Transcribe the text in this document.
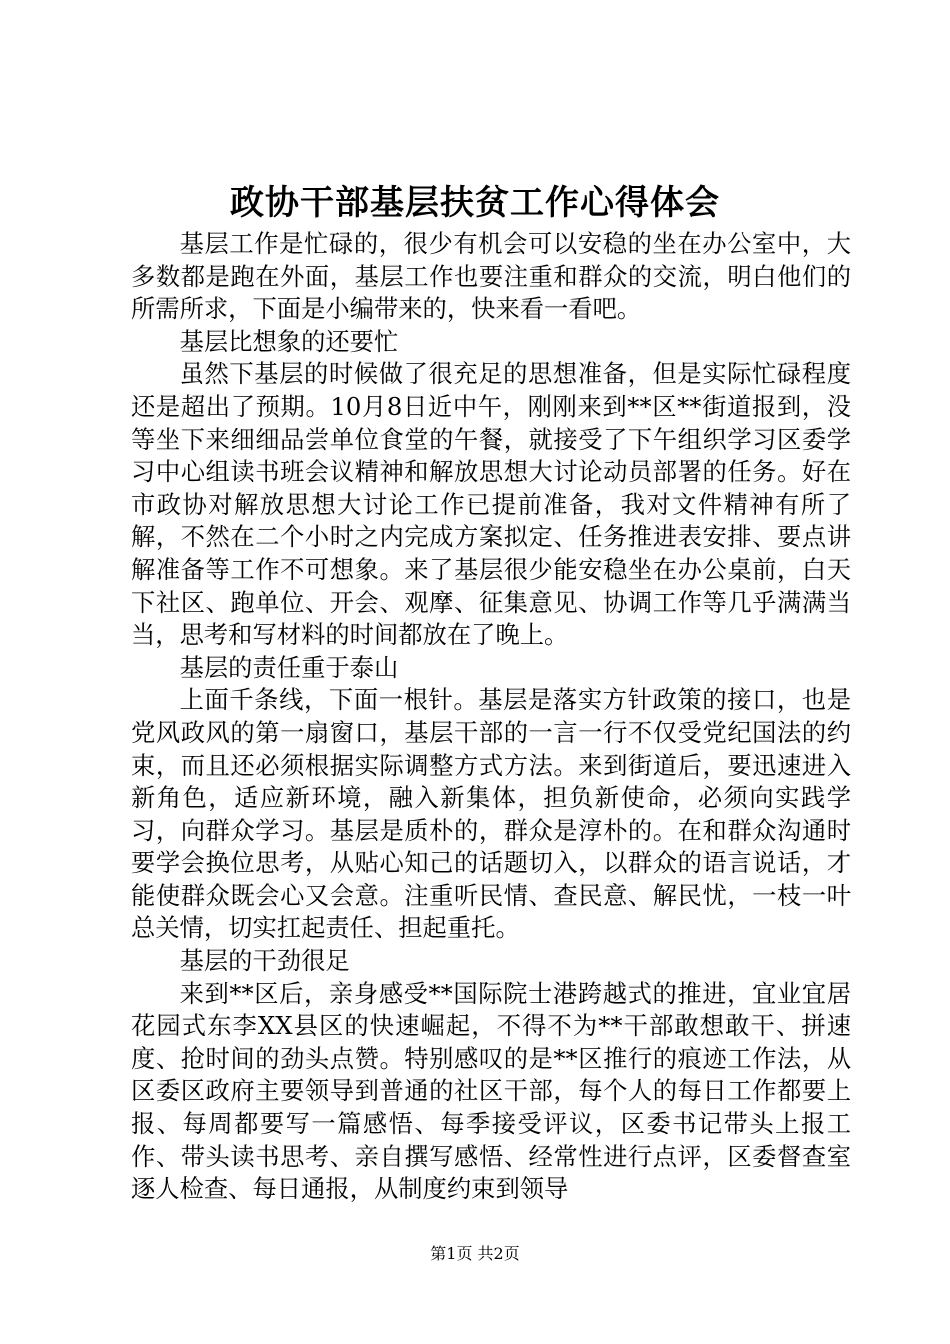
政协干部基层扶贫工作心得体会

基层工作是忙碌的，很少有机会可以安稳的坐在办公室中，大多数都是跑在外面，基层工作也要注重和群众的交流，明白他们的所需所求，下面是小编带来的，快来看一看吧。

基层比想象的还要忙

虽然下基层的时候做了很充足的思想准备，但是实际忙碌程度还是超出了预期。10月8日近中午，刚刚来到**区**街道报到，没等坐下来细细品尝单位食堂的午餐，就接受了下午组织学习区委学习中心组读书班会议精神和解放思想大讨论动员部署的任务。好在市政协对解放思想大讨论工作已提前准备，我对文件精神有所了解，不然在二个小时之内完成方案拟定、任务推进表安排、要点讲解准备等工作不可想象。来了基层很少能安稳坐在办公桌前，白天下社区、跑单位、开会、观摩、征集意见、协调工作等几乎满满当当，思考和写材料的时间都放在了晚上。

基层的责任重于泰山

上面千条线，下面一根针。基层是落实方针政策的接口，也是党风政风的第一扇窗口，基层干部的一言一行不仅受党纪国法的约束，而且还必须根据实际调整方式方法。来到街道后，要迅速进入新角色，适应新环境，融入新集体，担负新使命，必须向实践学习，向群众学习。基层是质朴的，群众是淳朴的。在和群众沟通时要学会换位思考，从贴心知己的话题切入，以群众的语言说话，才能使群众既会心又会意。注重听民情、查民意、解民忧，一枝一叶总关情，切实扛起责任、担起重托。

基层的干劲很足

来到**区后，亲身感受**国际院士港跨越式的推进，宜业宜居花园式东李XX县区的快速崛起，不得不为**干部敢想敢干、拼速度、抢时间的劲头点赞。特别感叹的是**区推行的痕迹工作法，从区委区政府主要领导到普通的社区干部，每个人的每日工作都要上报、每周都要写一篇感悟、每季接受评议，区委书记带头上报工作、带头读书思考、亲自撰写感悟、经常性进行点评，区委督查室逐人检查、每日通报，从制度约束到领导

第1页 共2页
